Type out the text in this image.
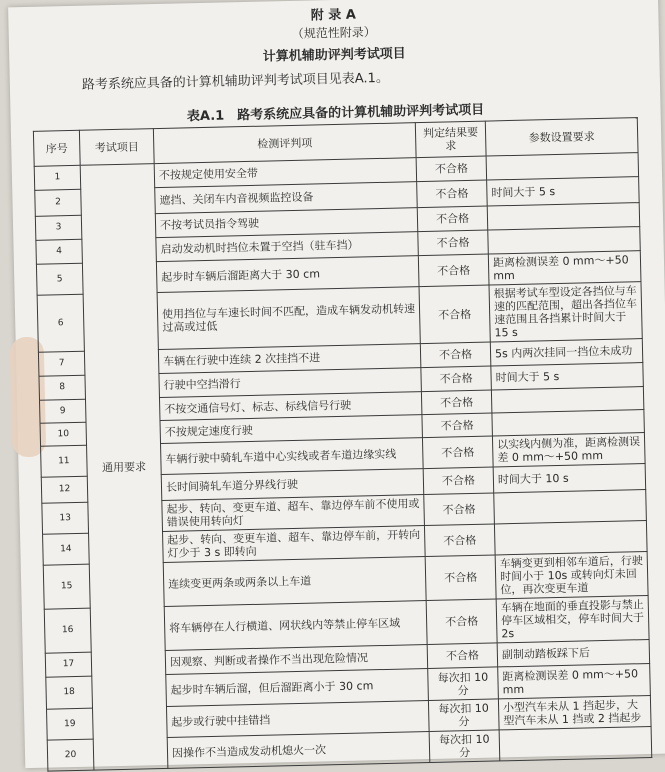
附 录 A
（规范性附录）
计算机辅助评判考试项目
路考系统应具备的计算机辅助评判考试项目见表A.1。
表A.1　路考系统应具备的计算机辅助评判考试项目
序号	考试项目	检测评判项	判定结果要求	参数设置要求
1	通用要求	不按规定使用安全带	不合格	
2		遮挡、关闭车内音视频监控设备	不合格	时间大于 5 s
3		不按考试员指令驾驶	不合格	
4		启动发动机时挡位未置于空挡（驻车挡）	不合格	
5		起步时车辆后溜距离大于 30 cm	不合格	距离检测误差 0 mm～+50 mm
6		使用挡位与车速长时间不匹配，造成车辆发动机转速过高或过低	不合格	根据考试车型设定各挡位与车速的匹配范围，超出各挡位车速范围且各挡累计时间大于 15 s
7		车辆在行驶中连续 2 次挂挡不进	不合格	5s 内两次挂同一挡位未成功
8		行驶中空挡滑行	不合格	时间大于 5 s
9		不按交通信号灯、标志、标线信号行驶	不合格	
10		不按规定速度行驶	不合格	
11		车辆行驶中骑轧车道中心实线或者车道边缘实线	不合格	以实线内侧为准，距离检测误差 0 mm～+50 mm
12		长时间骑轧车道分界线行驶	不合格	时间大于 10 s
13		起步、转向、变更车道、超车、靠边停车前不使用或错误使用转向灯	不合格	
14		起步、转向、变更车道、超车、靠边停车前，开转向灯少于 3 s 即转向	不合格	
15		连续变更两条或两条以上车道	不合格	车辆变更到相邻车道后，行驶时间小于 10s 或转向灯未回位，再次变更车道
16		将车辆停在人行横道、网状线内等禁止停车区域	不合格	车辆在地面的垂直投影与禁止停车区域相交，停车时间大于 2s
17		因观察、判断或者操作不当出现危险情况	不合格	副制动踏板踩下后
18		起步时车辆后溜，但后溜距离小于 30 cm	每次扣 10 分	距离检测误差 0 mm～+50 mm
19		起步或行驶中挂错挡	每次扣 10 分	小型汽车未从 1 挡起步，大型汽车未从 1 挡或 2 挡起步
20		因操作不当造成发动机熄火一次	每次扣 10 分	
